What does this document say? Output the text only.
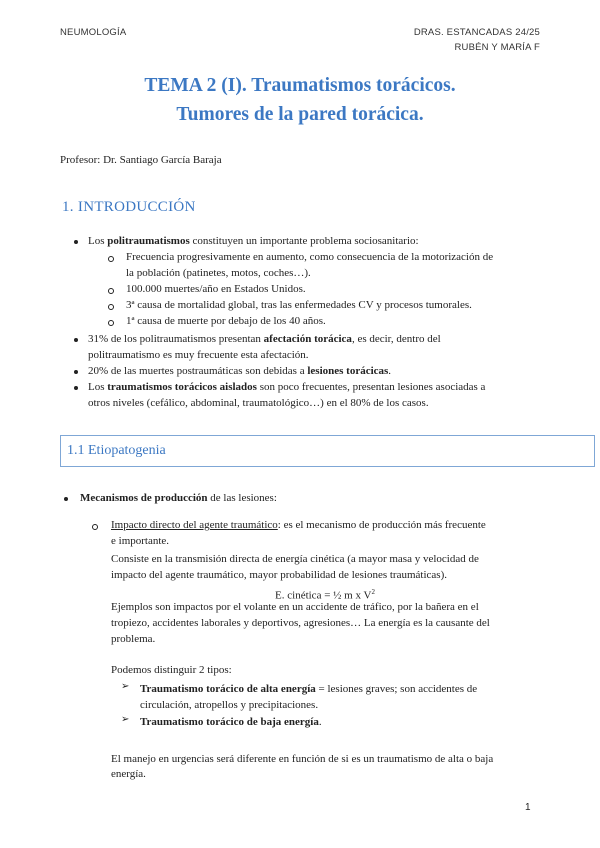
NEUMOLOGÍA	DRAS. ESTANCADAS 24/25
RUBÉN Y MARÍA F
TEMA 2 (I). Traumatismos torácicos.
Tumores de la pared torácica.
Profesor: Dr. Santiago García Baraja
1. INTRODUCCIÓN
Los politraumatismos constituyen un importante problema sociosanitario:
Frecuencia progresivamente en aumento, como consecuencia de la motorización de
la población (patinetes, motos, coches…).
100.000 muertes/año en Estados Unidos.
3ª causa de mortalidad global, tras las enfermedades CV y procesos tumorales.
1ª causa de muerte por debajo de los 40 años.
31% de los politraumatismos presentan afectación torácica, es decir, dentro del
politraumatismo es muy frecuente esta afectación.
20% de las muertes postraumáticas son debidas a lesiones torácicas.
Los traumatismos torácicos aislados son poco frecuentes, presentan lesiones asociadas a
otros niveles (cefálico, abdominal, traumatológico…) en el 80% de los casos.
1.1 Etiopatogenia
Mecanismos de producción de las lesiones:
Impacto directo del agente traumático: es el mecanismo de producción más frecuente
e importante.
Consiste en la transmisión directa de energía cinética (a mayor masa y velocidad de
impacto del agente traumático, mayor probabilidad de lesiones traumáticas).
E. cinética = ½ m x $V^2$
Ejemplos son impactos por el volante en un accidente de tráfico, por la bañera en el
tropiezo, accidentes laborales y deportivos, agresiones… La energía es la causante del
problema.
Podemos distinguir 2 tipos:
➢ Traumatismo torácico de alta energía = lesiones graves; son accidentes de
circulación, atropellos y precipitaciones.
➢ Traumatismo torácico de baja energía.
El manejo en urgencias será diferente en función de si es un traumatismo de alta o baja
energía.
1
